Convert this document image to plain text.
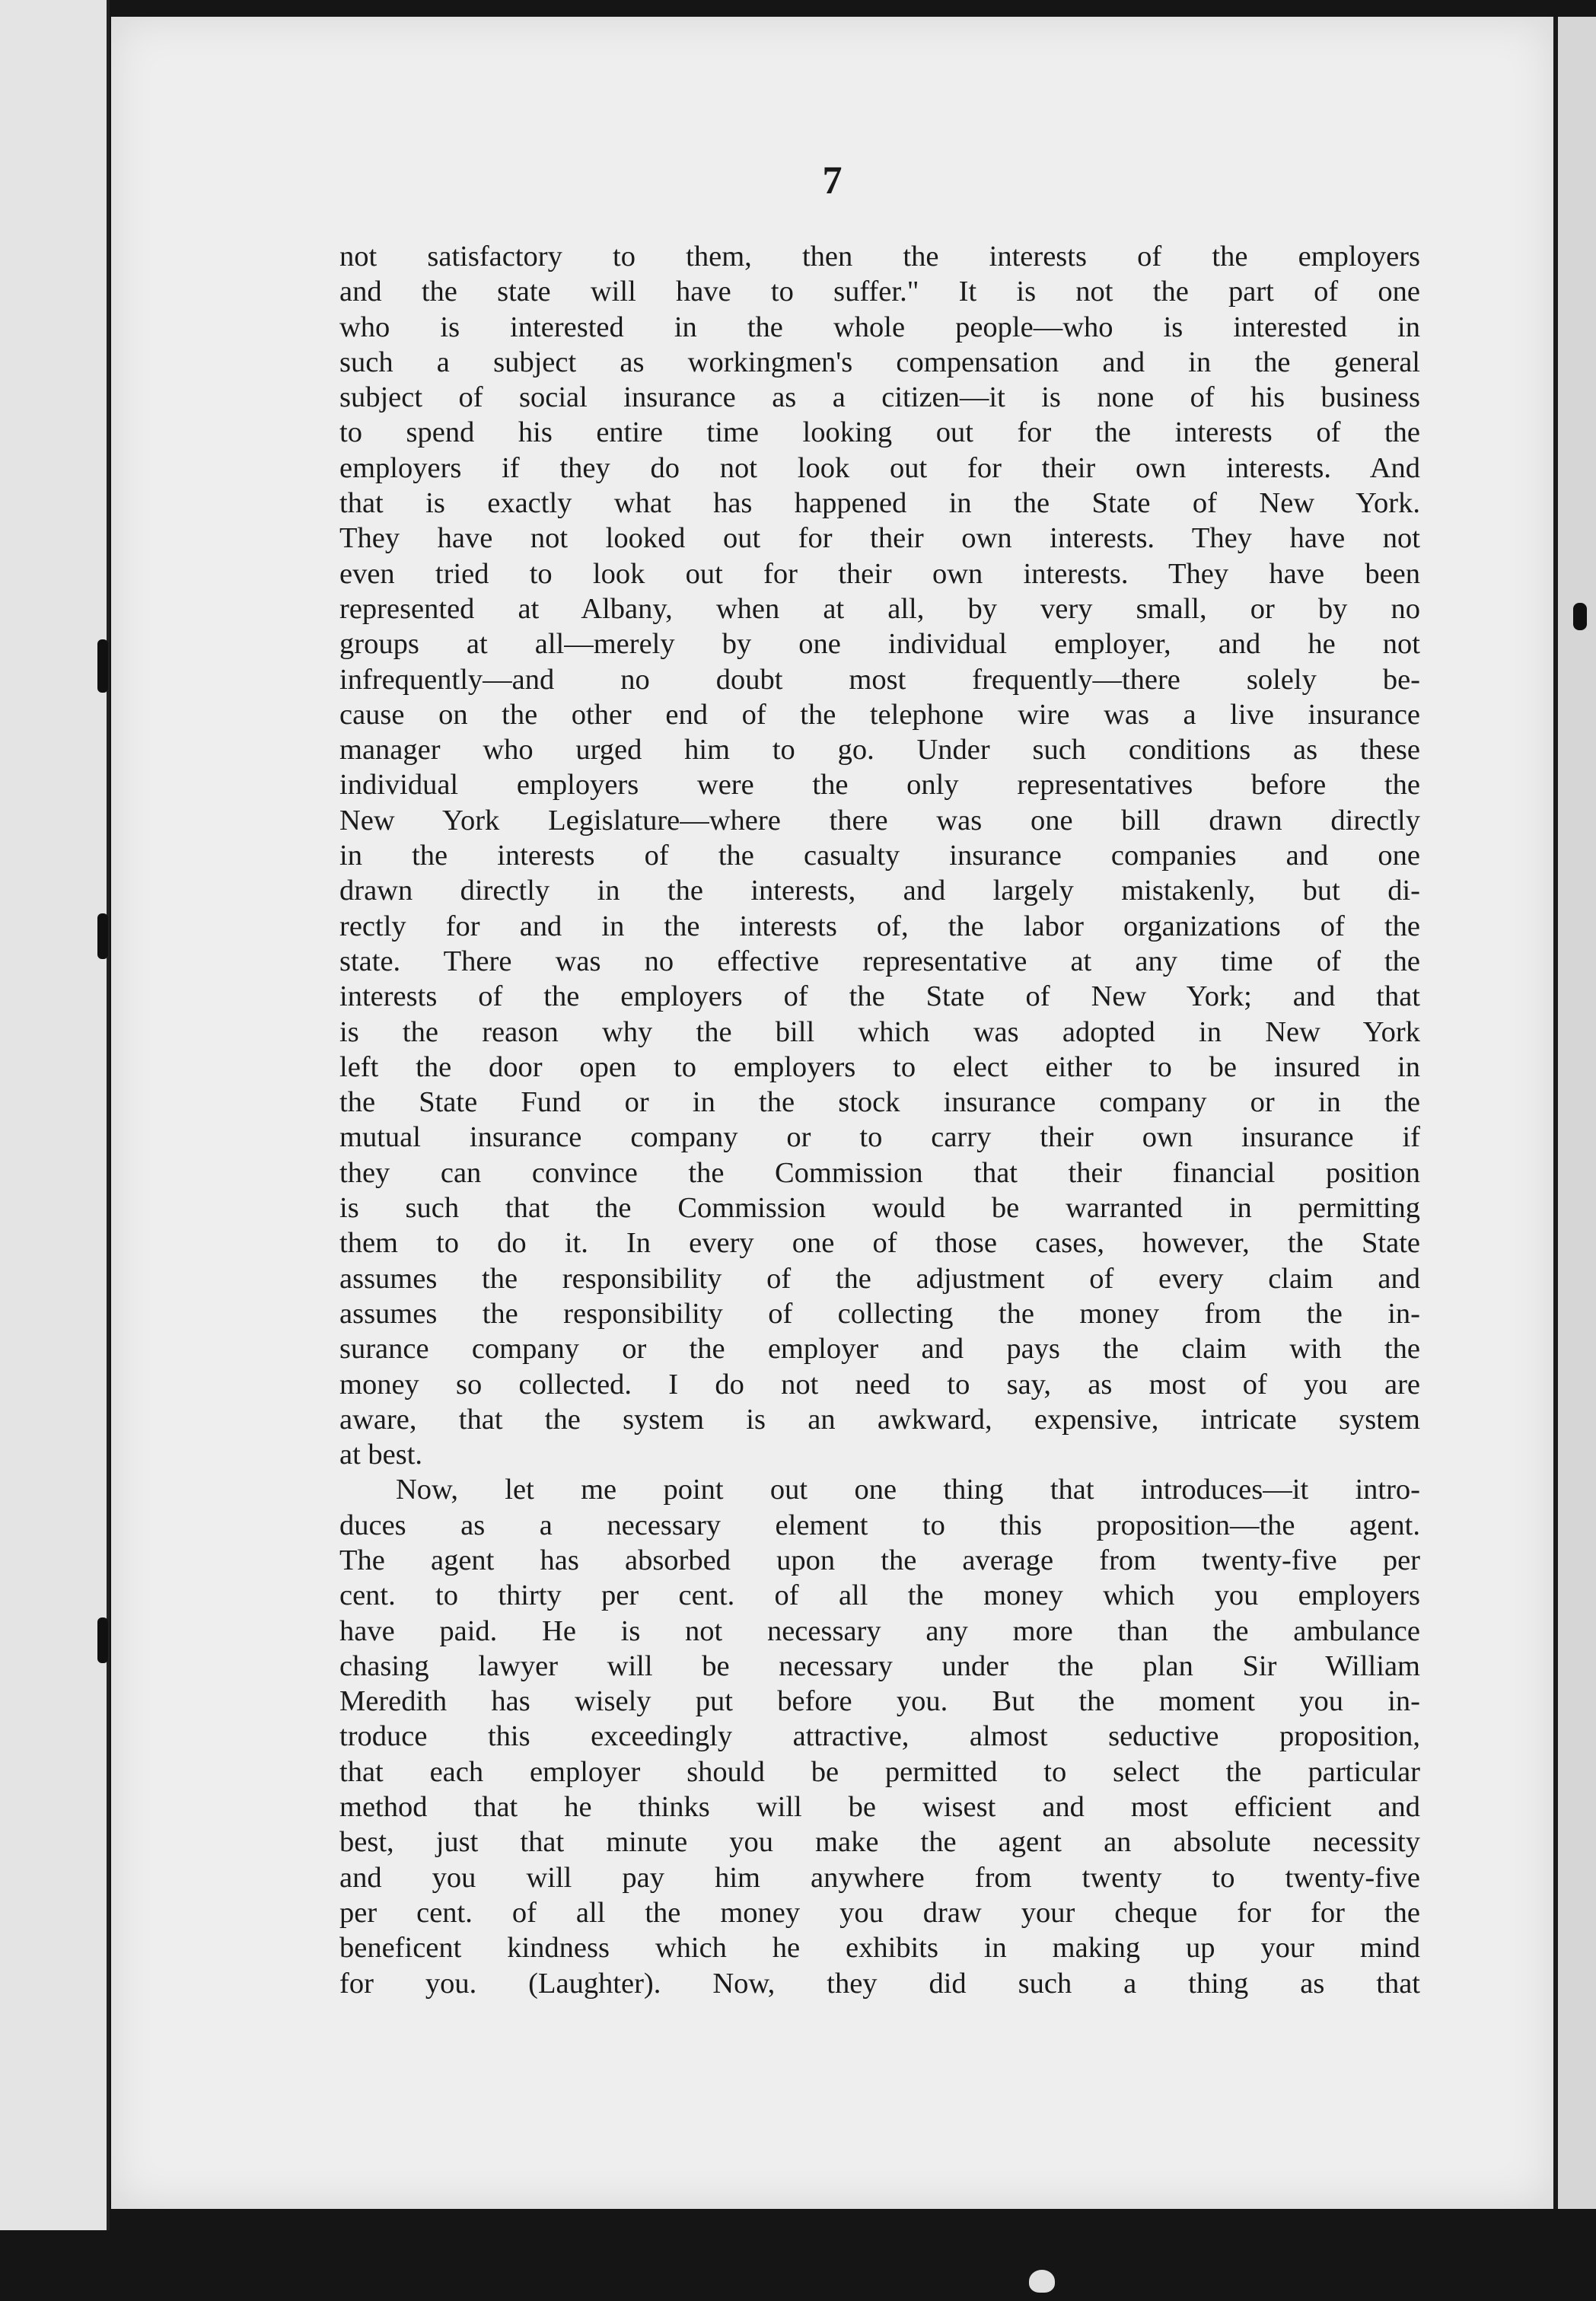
7
not satisfactory to them, then the interests of the employers
and the state will have to suffer." It is not the part of one
who is interested in the whole people—who is interested in
such a subject as workingmen's compensation and in the general
subject of social insurance as a citizen—it is none of his business
to spend his entire time looking out for the interests of the
employers if they do not look out for their own interests. And
that is exactly what has happened in the State of New York.
They have not looked out for their own interests. They have not
even tried to look out for their own interests. They have been
represented at Albany, when at all, by very small, or by no
groups at all—merely by one individual employer, and he not
infrequently—and no doubt most frequently—there solely be-
cause on the other end of the telephone wire was a live insurance
manager who urged him to go. Under such conditions as these
individual employers were the only representatives before the
New York Legislature—where there was one bill drawn directly
in the interests of the casualty insurance companies and one
drawn directly in the interests, and largely mistakenly, but di-
rectly for and in the interests of, the labor organizations of the
state. There was no effective representative at any time of the
interests of the employers of the State of New York; and that
is the reason why the bill which was adopted in New York
left the door open to employers to elect either to be insured in
the State Fund or in the stock insurance company or in the
mutual insurance company or to carry their own insurance if
they can convince the Commission that their financial position
is such that the Commission would be warranted in permitting
them to do it. In every one of those cases, however, the State
assumes the responsibility of the adjustment of every claim and
assumes the responsibility of collecting the money from the in-
surance company or the employer and pays the claim with the
money so collected. I do not need to say, as most of you are
aware, that the system is an awkward, expensive, intricate system
at best.
Now, let me point out one thing that introduces—it intro-
duces as a necessary element to this proposition—the agent.
The agent has absorbed upon the average from twenty-five per
cent. to thirty per cent. of all the money which you employers
have paid. He is not necessary any more than the ambulance
chasing lawyer will be necessary under the plan Sir William
Meredith has wisely put before you. But the moment you in-
troduce this exceedingly attractive, almost seductive proposition,
that each employer should be permitted to select the particular
method that he thinks will be wisest and most efficient and
best, just that minute you make the agent an absolute necessity
and you will pay him anywhere from twenty to twenty-five
per cent. of all the money you draw your cheque for for the
beneficent kindness which he exhibits in making up your mind
for you. (Laughter). Now, they did such a thing as that
